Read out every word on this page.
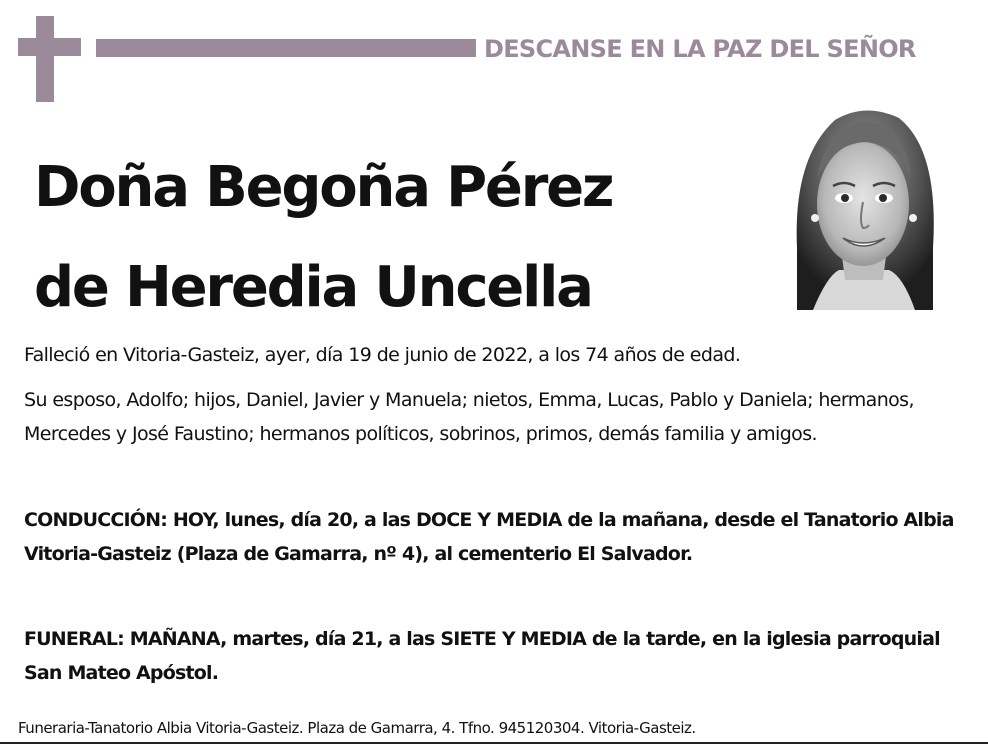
DESCANSE EN LA PAZ DEL SEÑOR
Doña Begoña Pérez
de Heredia Uncella
Falleció en Vitoria-Gasteiz, ayer, día 19 de junio de 2022, a los 74 años de edad.
Su esposo, Adolfo; hijos, Daniel, Javier y Manuela; nietos, Emma, Lucas, Pablo y Daniela; hermanos, Mercedes y José Faustino; hermanos políticos, sobrinos, primos, demás familia y amigos.
CONDUCCIÓN: HOY, lunes, día 20, a las DOCE Y MEDIA de la mañana, desde el Tanatorio Albia Vitoria-Gasteiz (Plaza de Gamarra, nº 4), al cementerio El Salvador.
FUNERAL: MAÑANA, martes, día 21, a las SIETE Y MEDIA de la tarde, en la iglesia parroquial San Mateo Apóstol.
Funeraria-Tanatorio Albia Vitoria-Gasteiz. Plaza de Gamarra, 4. Tfno. 945120304. Vitoria-Gasteiz.
